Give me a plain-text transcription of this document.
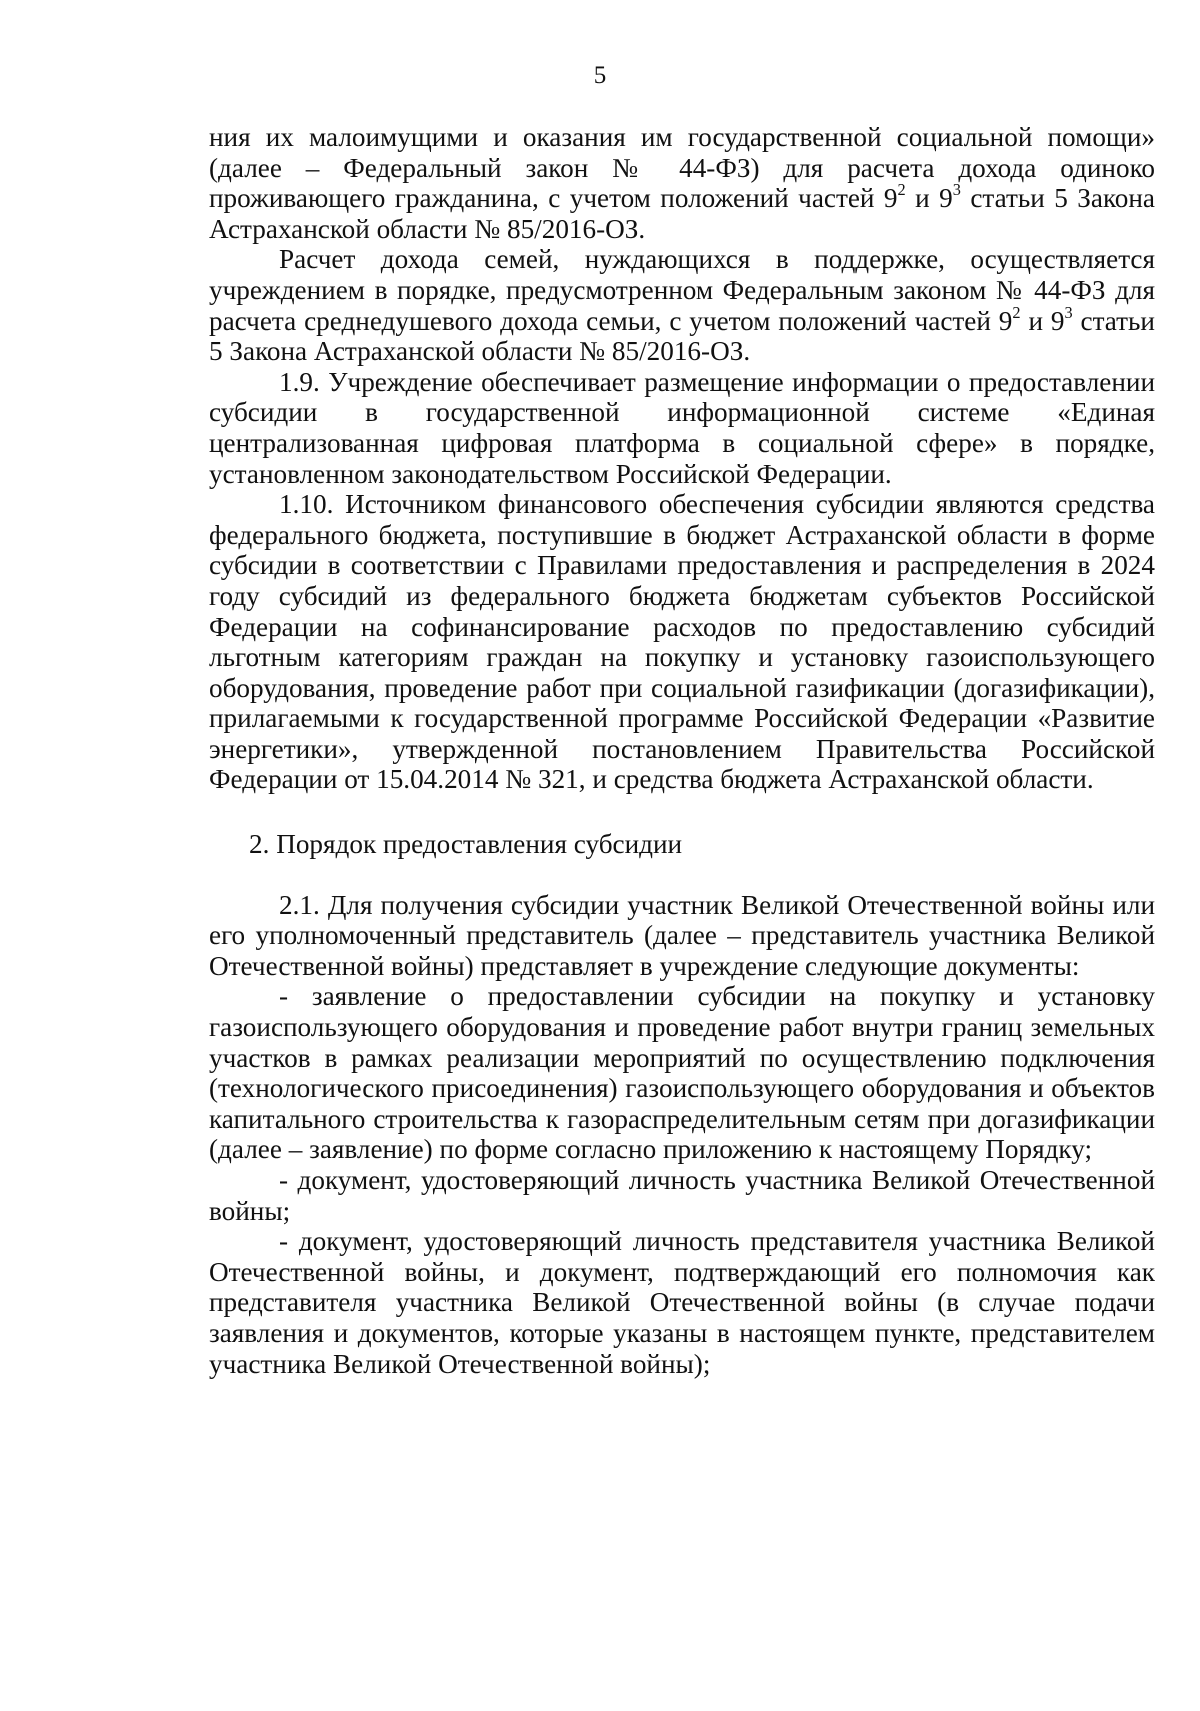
5

ния их малоимущими и оказания им государственной социальной помощи» (далее – Федеральный закон № 44-ФЗ) для расчета дохода одиноко проживающего гражданина, с учетом положений частей $9^2$ и $9^3$ статьи 5 Закона Астраханской области № 85/2016-ОЗ.

Расчет дохода семей, нуждающихся в поддержке, осуществляется учреждением в порядке, предусмотренном Федеральным законом № 44-ФЗ для расчета среднедушевого дохода семьи, с учетом положений частей $9^2$ и $9^3$ статьи 5 Закона Астраханской области № 85/2016-ОЗ.

1.9. Учреждение обеспечивает размещение информации о предоставлении субсидии в государственной информационной системе «Единая централизованная цифровая платформа в социальной сфере» в порядке, установленном законодательством Российской Федерации.

1.10. Источником финансового обеспечения субсидии являются средства федерального бюджета, поступившие в бюджет Астраханской области в форме субсидии в соответствии с Правилами предоставления и распределения в 2024 году субсидий из федерального бюджета бюджетам субъектов Российской Федерации на софинансирование расходов по предоставлению субсидий льготным категориям граждан на покупку и установку газоиспользующего оборудования, проведение работ при социальной газификации (догазификации), прилагаемыми к государственной программе Российской Федерации «Развитие энергетики», утвержденной постановлением Правительства Российской Федерации от 15.04.2014 № 321, и средства бюджета Астраханской области.

2. Порядок предоставления субсидии

2.1. Для получения субсидии участник Великой Отечественной войны или его уполномоченный представитель (далее – представитель участника Великой Отечественной войны) представляет в учреждение следующие документы:

- заявление о предоставлении субсидии на покупку и установку газоиспользующего оборудования и проведение работ внутри границ земельных участков в рамках реализации мероприятий по осуществлению подключения (технологического присоединения) газоиспользующего оборудования и объектов капитального строительства к газораспределительным сетям при догазификации (далее – заявление) по форме согласно приложению к настоящему Порядку;

- документ, удостоверяющий личность участника Великой Отечественной войны;

- документ, удостоверяющий личность представителя участника Великой Отечественной войны, и документ, подтверждающий его полномочия как представителя участника Великой Отечественной войны (в случае подачи заявления и документов, которые указаны в настоящем пункте, представителем участника Великой Отечественной войны);
